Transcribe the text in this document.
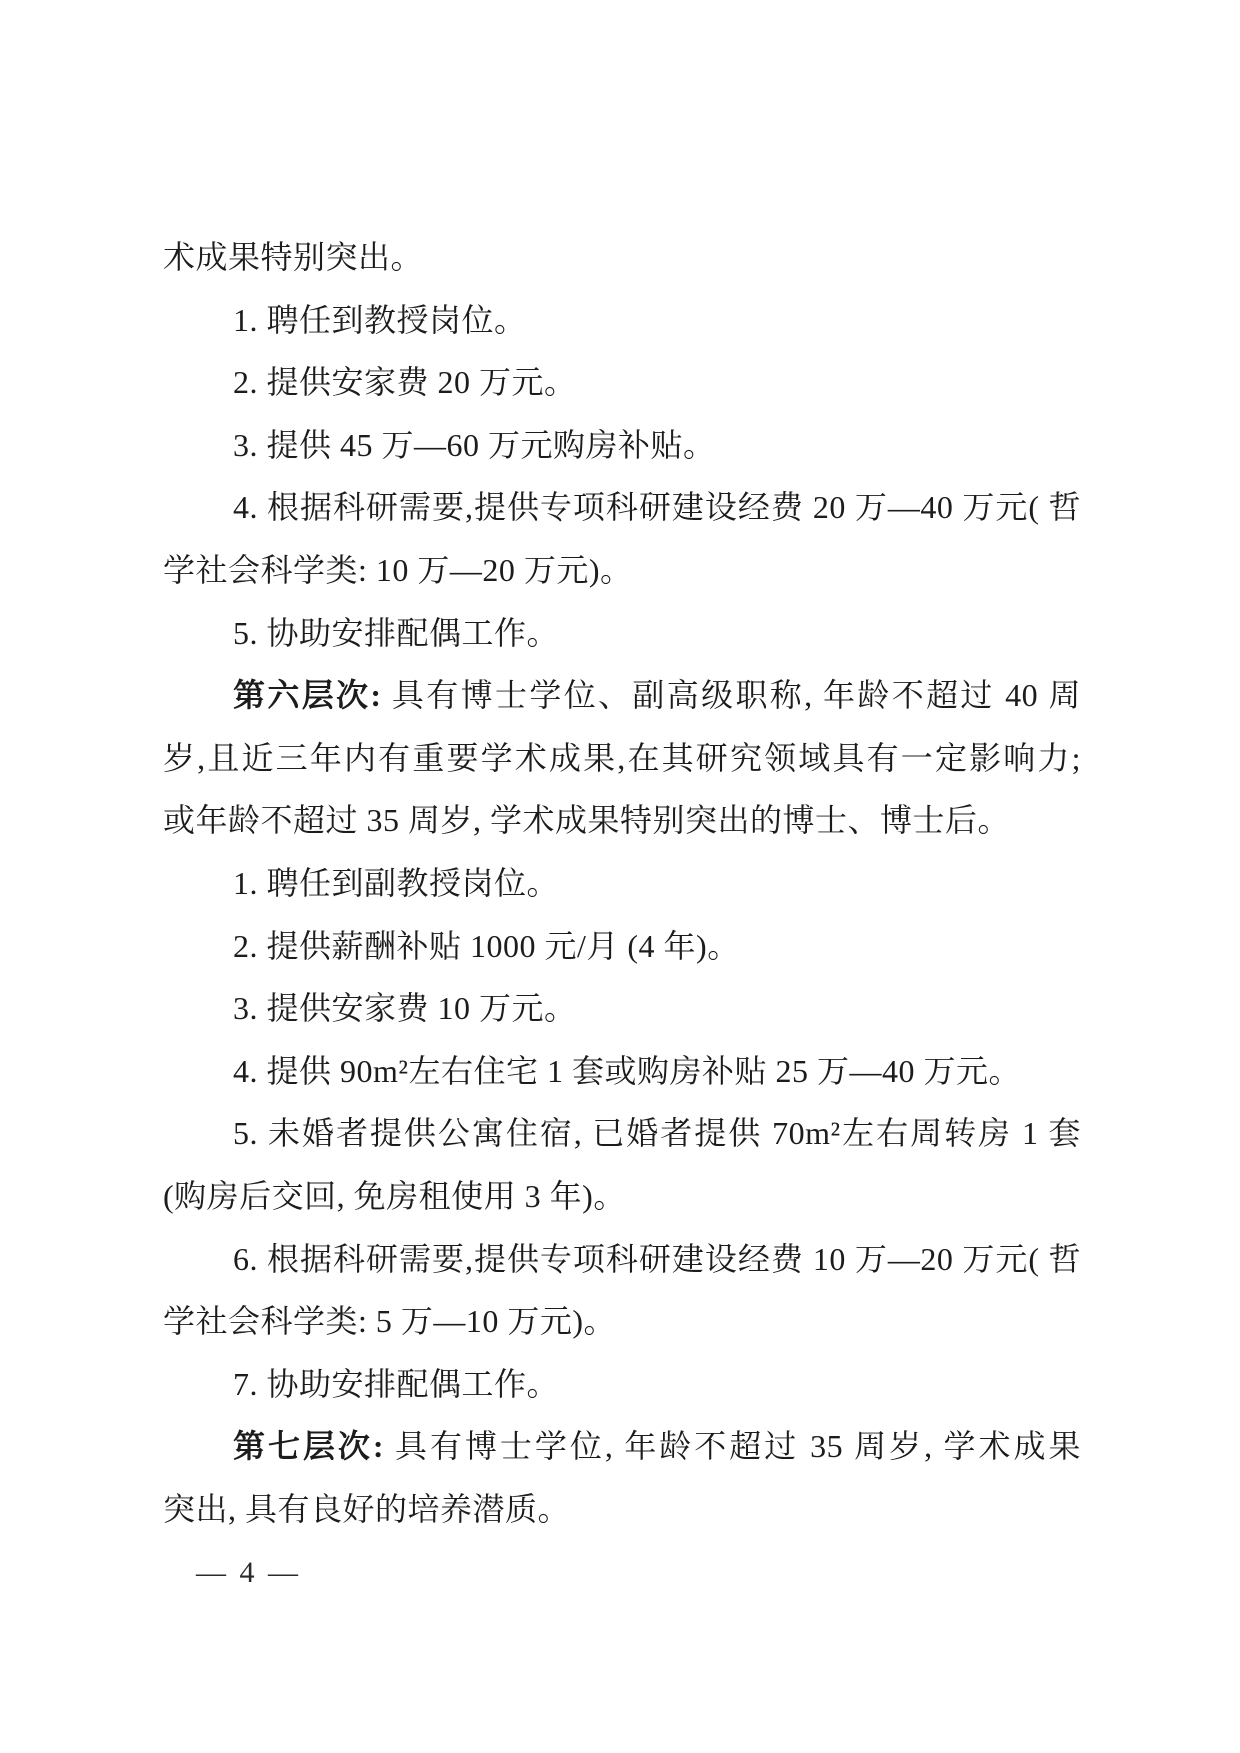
术成果特别突出。
1. 聘任到教授岗位。
2. 提供安家费 20 万元。
3. 提供 45 万—60 万元购房补贴。
4. 根据科研需要,提供专项科研建设经费 20 万—40 万元( 哲
学社会科学类: 10 万—20 万元)。
5. 协助安排配偶工作。
第六层次: 具有博士学位、副高级职称, 年龄不超过 40 周
岁,且近三年内有重要学术成果,在其研究领域具有一定影响力;
或年龄不超过 35 周岁, 学术成果特别突出的博士、博士后。
1. 聘任到副教授岗位。
2. 提供薪酬补贴 1000 元/月 (4 年)。
3. 提供安家费 10 万元。
4. 提供 90m²左右住宅 1 套或购房补贴 25 万—40 万元。
5. 未婚者提供公寓住宿, 已婚者提供 70m²左右周转房 1 套
(购房后交回, 免房租使用 3 年)。
6. 根据科研需要,提供专项科研建设经费 10 万—20 万元( 哲
学社会科学类: 5 万—10 万元)。
7. 协助安排配偶工作。
第七层次: 具有博士学位, 年龄不超过 35 周岁, 学术成果
突出, 具有良好的培养潜质。
— 4 —
